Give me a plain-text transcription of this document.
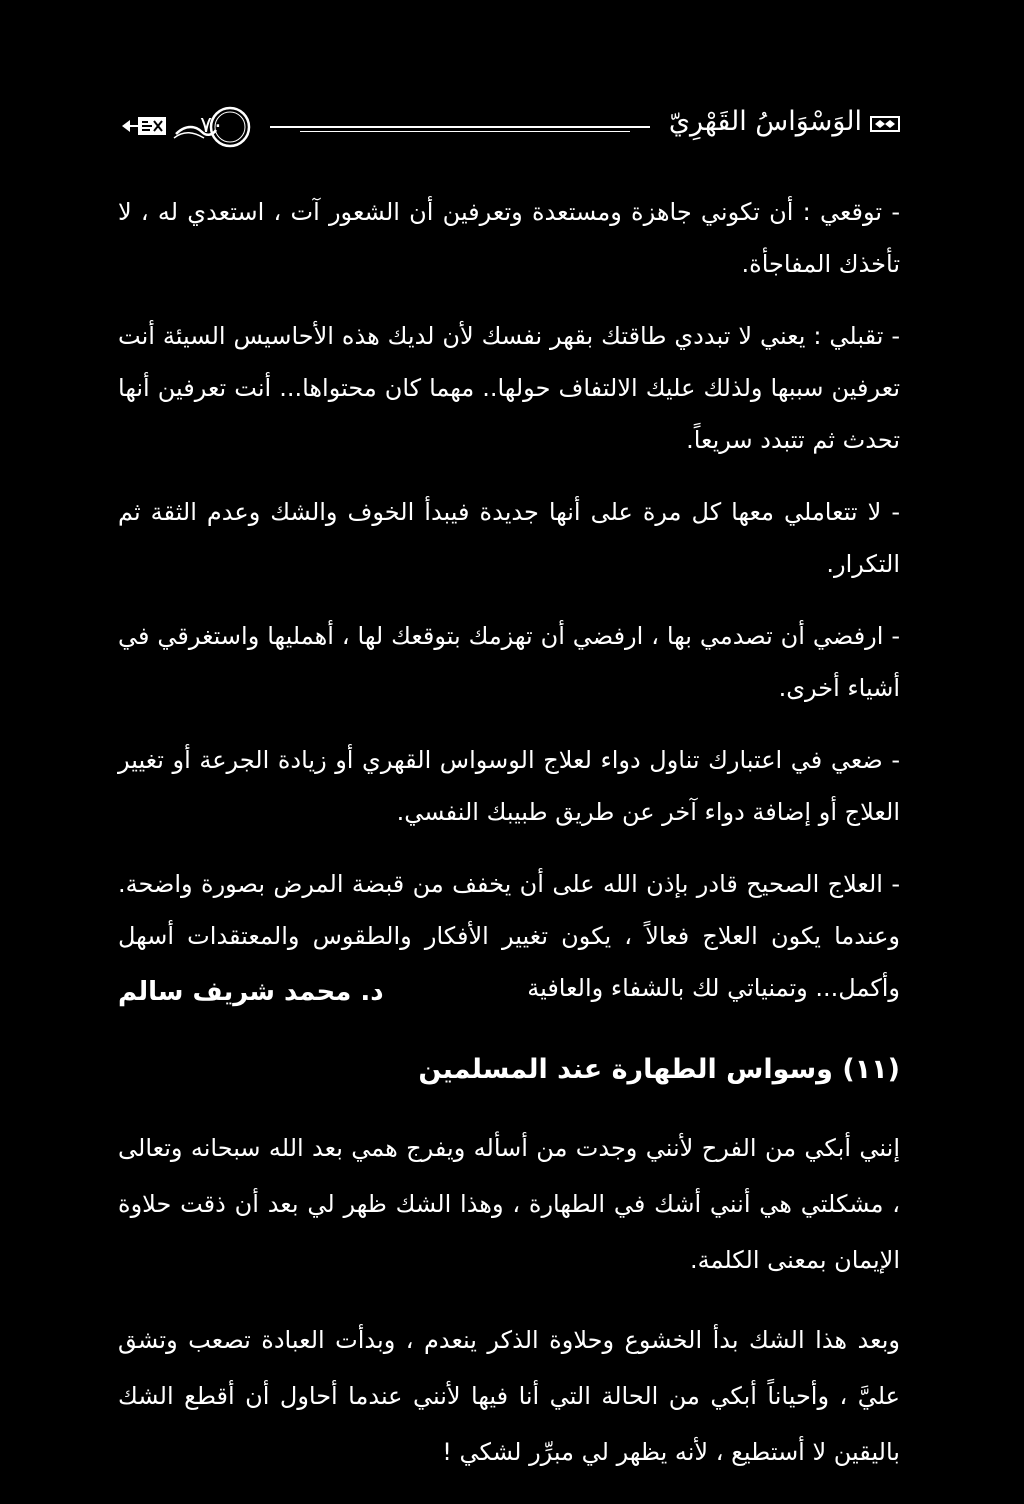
الوَسْوَاسُ القَهْرِيّ
٧٠

- توقعي : أن تكوني جاهزة ومستعدة وتعرفين أن الشعور آت ، استعدي له ، لا تأخذك المفاجأة.

- تقبلي : يعني لا تبددي طاقتك بقهر نفسك لأن لديك هذه الأحاسيس السيئة أنت تعرفين سببها ولذلك عليك الالتفاف حولها.. مهما كان محتواها... أنت تعرفين أنها تحدث ثم تتبدد سريعاً.

- لا تتعاملي معها كل مرة على أنها جديدة فيبدأ الخوف والشك وعدم الثقة ثم التكرار.

- ارفضي أن تصدمي بها ، ارفضي أن تهزمك بتوقعك لها ، أهمليها واستغرقي في أشياء أخرى.

- ضعي في اعتبارك تناول دواء لعلاج الوسواس القهري أو زيادة الجرعة أو تغيير العلاج أو إضافة دواء آخر عن طريق طبيبك النفسي.

- العلاج الصحيح قادر بإذن الله على أن يخفف من قبضة المرض بصورة واضحة. وعندما يكون العلاج فعالاً ، يكون تغيير الأفكار والطقوس والمعتقدات أسهل وأكمل... وتمنياتي لك بالشفاء والعافية

د. محمد شريف سالم
(١١) وسواس الطهارة عند المسلمين

إنني أبكي من الفرح لأنني وجدت من أسأله ويفرج همي بعد الله سبحانه وتعالى ، مشكلتي هي أنني أشك في الطهارة ، وهذا الشك ظهر لي بعد أن ذقت حلاوة الإيمان بمعنى الكلمة.

وبعد هذا الشك بدأ الخشوع وحلاوة الذكر ينعدم ، وبدأت العبادة تصعب وتشق عليَّ ، وأحياناً أبكي من الحالة التي أنا فيها لأنني عندما أحاول أن أقطع الشك باليقين لا أستطيع ، لأنه يظهر لي مبرِّر لشكي !
